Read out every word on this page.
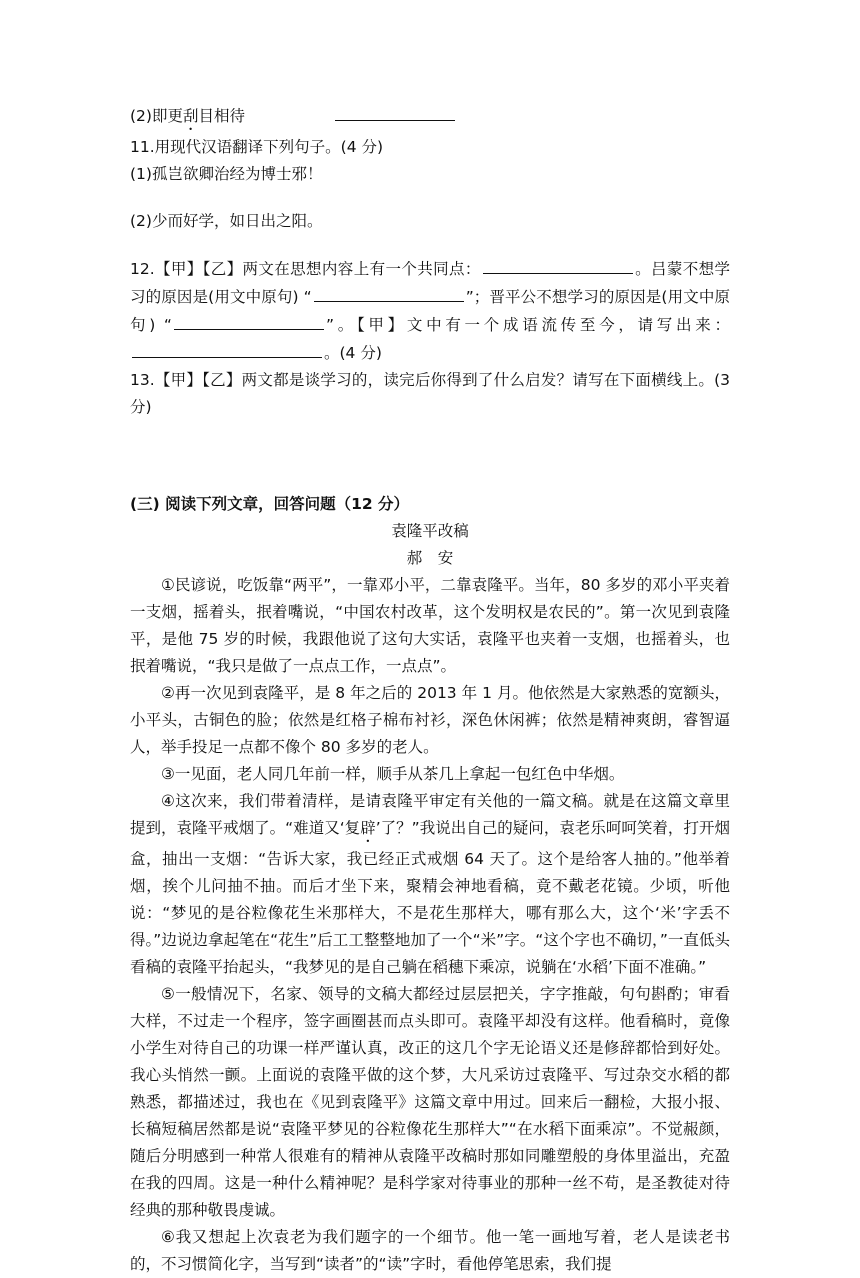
(2)即更刮目相待

11.用现代汉语翻译下列句子。(4 分)

(1)孤岂欲卿治经为博士邪！

(2)少而好学，如日出之阳。

12.【甲】【乙】两文在思想内容上有一个共同点：	。吕蒙不想学习的原因是(用文中原句) “	”；晋平公不想学习的原因是(用文中原句) “	”。【甲】文中有一个成语流传至今，请写出来：。(4 分)

13.【甲】【乙】两文都是谈学习的，读完后你得到了什么启发？请写在下面横线上。(3 分)

(三) 阅读下列文章，回答问题（12 分）

袁隆平改稿

郝　安

①民谚说，吃饭靠“两平”，一靠邓小平，二靠袁隆平。当年，80 多岁的邓小平夹着一支烟，摇着头，抿着嘴说，“中国农村改革，这个发明权是农民的”。第一次见到袁隆平，是他 75 岁的时候，我跟他说了这句大实话，袁隆平也夹着一支烟，也摇着头，也抿着嘴说，“我只是做了一点点工作，一点点”。

②再一次见到袁隆平，是 8 年之后的 2013 年 1 月。他依然是大家熟悉的宽额头，小平头，古铜色的脸；依然是红格子棉布衬衫，深色休闲裤；依然是精神爽朗，睿智逼人，举手投足一点都不像个 80 多岁的老人。

③一见面，老人同几年前一样，顺手从茶几上拿起一包红色中华烟。

④这次来，我们带着清样，是请袁隆平审定有关他的一篇文稿。就是在这篇文章里提到，袁隆平戒烟了。“难道又‘复辟’了？”我说出自己的疑问，袁老乐呵呵笑着，打开烟盒，抽出一支烟：“告诉大家，我已经正式戒烟 64 天了。这个是给客人抽的。”他举着烟，挨个儿问抽不抽。而后才坐下来，聚精会神地看稿，竟不戴老花镜。少顷，听他说：“梦见的是谷粒像花生米那样大，不是花生那样大，哪有那么大，这个‘米’字丢不得。”边说边拿起笔在“花生”后工工整整地加了一个“米”字。“这个字也不确切，”一直低头看稿的袁隆平抬起头，“我梦见的是自己躺在稻穗下乘凉，说躺在‘水稻’下面不准确。”

⑤一般情况下，名家、领导的文稿大都经过层层把关，字字推敲，句句斟酌；审看大样，不过走一个程序，签字画圈甚而点头即可。袁隆平却没有这样。他看稿时，竟像小学生对待自己的功课一样严谨认真，改正的这几个字无论语义还是修辞都恰到好处。我心头悄然一颤。上面说的袁隆平做的这个梦，大凡采访过袁隆平、写过杂交水稻的都熟悉，都描述过，我也在《见到袁隆平》这篇文章中用过。回来后一翻检，大报小报、长稿短稿居然都是说“袁隆平梦见的谷粒像花生那样大”“在水稻下面乘凉”。不觉赧颜，随后分明感到一种常人很难有的精神从袁隆平改稿时那如同雕塑般的身体里溢出，充盈在我的四周。这是一种什么精神呢？是科学家对待事业的那种一丝不苟，是圣教徒对待经典的那种敬畏虔诚。

⑥我又想起上次袁老为我们题字的一个细节。他一笔一画地写着，老人是读老书的，不习惯简化字，当写到“读者”的“读”字时，看他停笔思索，我们提
